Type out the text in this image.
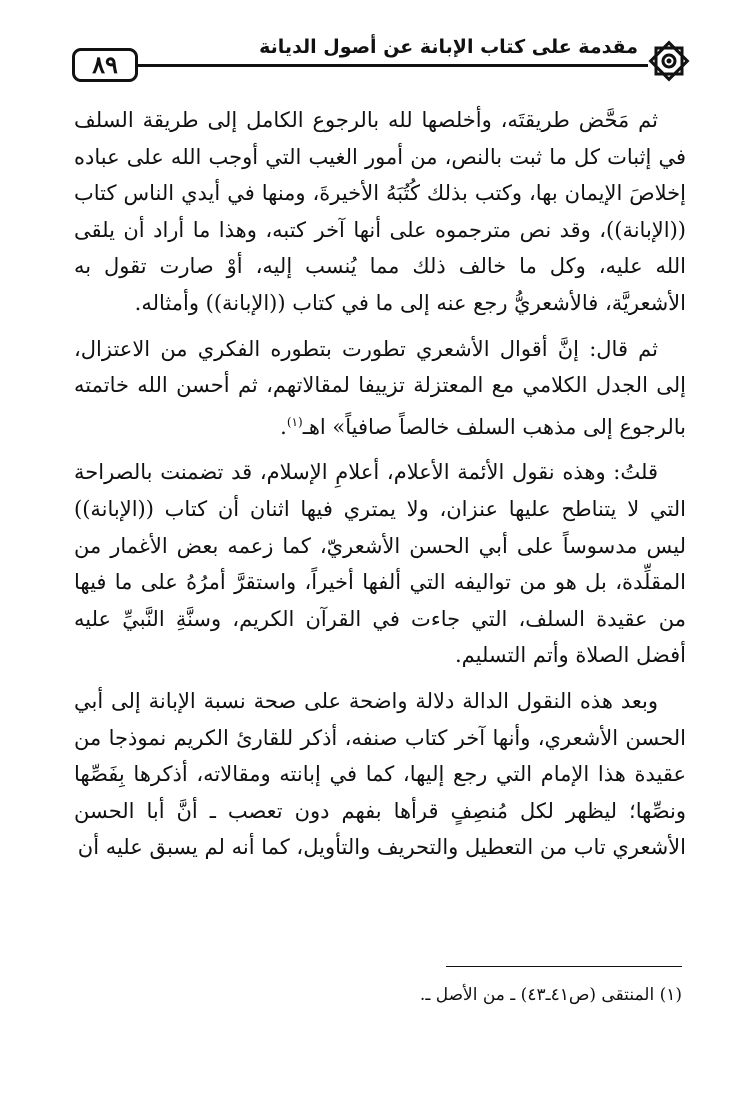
٨٩
مقدمة على كتاب الإبانة عن أصول الديانة

ثم مَحَّض طريقتَه، وأخلصها لله بالرجوع الكامل إلى طريقة السلف في إثبات كل ما ثبت بالنص، من أمور الغيب التي أوجب الله على عباده إخلاصَ الإيمان بها، وكتب بذلك كُتُبَهُ الأخيرةَ، ومنها في أيدي الناس كتاب ((الإبانة))، وقد نص مترجموه على أنها آخر كتبه، وهذا ما أراد أن يلقى الله عليه، وكل ما خالف ذلك مما يُنسب إليه، أوْ صارت تقول به الأشعريَّة، فالأشعريُّ رجع عنه إلى ما في كتاب ((الإبانة)) وأمثاله.

ثم قال: إنَّ أقوال الأشعري تطورت بتطوره الفكري من الاعتزال، إلى الجدل الكلامي مع المعتزلة تزييفا لمقالاتهم، ثم أحسن الله خاتمته بالرجوع إلى مذهب السلف خالصاً صافياً» اهـ$^{(١)}$.

قلتُ: وهذه نقول الأئمة الأعلام، أعلامِ الإسلام، قد تضمنت بالصراحة التي لا يتناطح عليها عنزان، ولا يمتري فيها اثنان أن كتاب ((الإبانة)) ليس مدسوساً على أبي الحسن الأشعريّ، كما زعمه بعض الأغمار من المقلِّدة، بل هو من تواليفه التي ألفها أخيراً، واستقرَّ أمرُهُ على ما فيها من عقيدة السلف، التي جاءت في القرآن الكريم، وسنَّةِ النَّبيِّ عليه أفضل الصلاة وأتم التسليم.

وبعد هذه النقول الدالة دلالة واضحة على صحة نسبة الإبانة إلى أبي الحسن الأشعري، وأنها آخر كتاب صنفه، أذكر للقارئ الكريم نموذجا من عقيدة هذا الإمام التي رجع إليها، كما في إبانته ومقالاته، أذكرها بِفَصِّها ونصِّها؛ ليظهر لكل مُنصِفٍ قرأها بفهم دون تعصب ـ أنَّ أبا الحسن الأشعري تاب من التعطيل والتحريف والتأويل، كما أنه لم يسبق عليه أن

(١) المنتقى (ص٤١ـ٤٣) ـ من الأصل ـ.
